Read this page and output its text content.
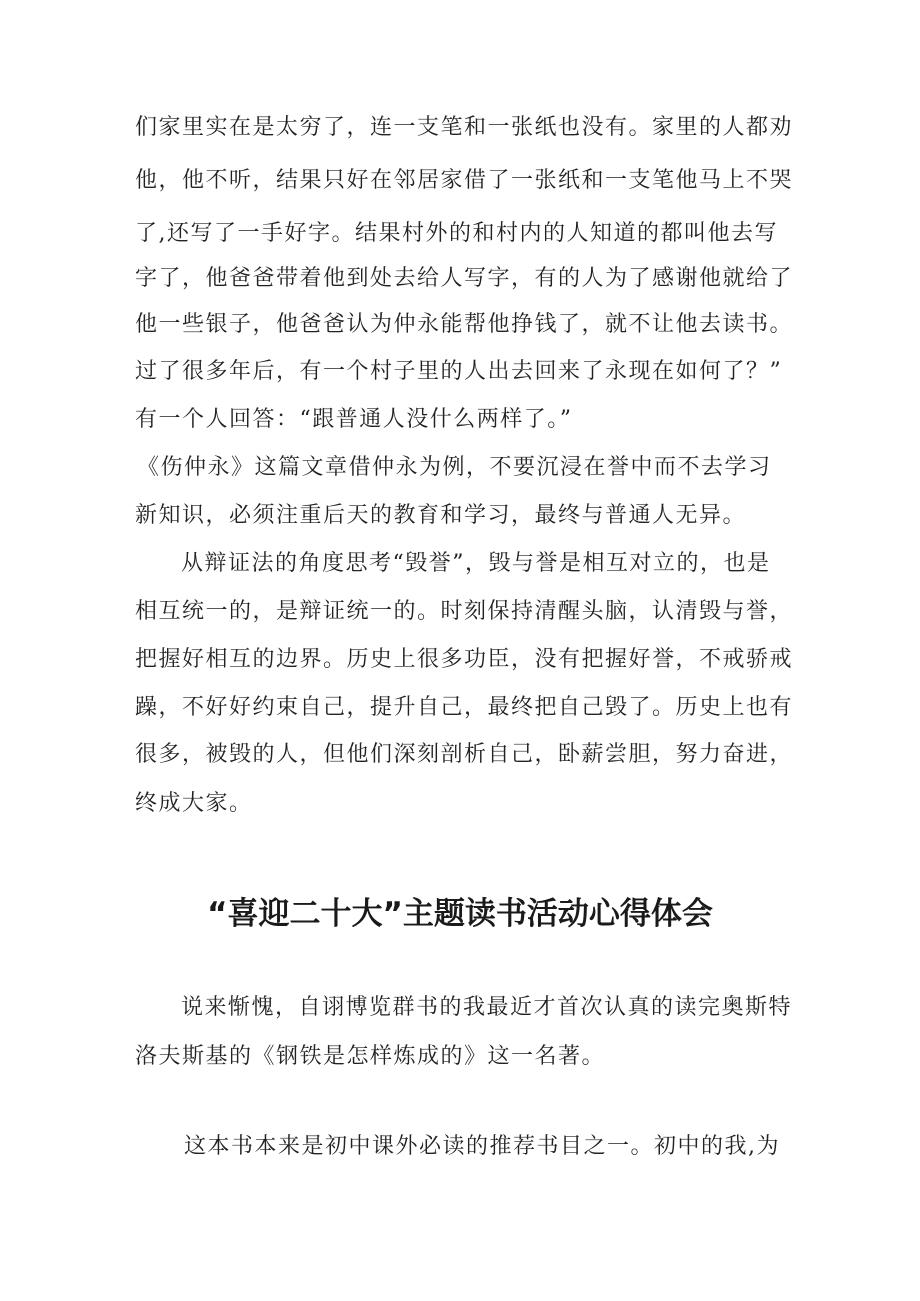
们家里实在是太穷了，连一支笔和一张纸也没有。家里的人都劝
他，他不听，结果只好在邻居家借了一张纸和一支笔他马上不哭
了,还写了一手好字。结果村外的和村内的人知道的都叫他去写
字了，他爸爸带着他到处去给人写字，有的人为了感谢他就给了
他一些银子，他爸爸认为仲永能帮他挣钱了，就不让他去读书。
过了很多年后，有一个村子里的人出去回来了永现在如何了？”
有一个人回答：“跟普通人没什么两样了。”
《伤仲永》这篇文章借仲永为例，不要沉浸在誉中而不去学习
新知识，必须注重后天的教育和学习，最终与普通人无异。
从辩证法的角度思考“毁誉”，毁与誉是相互对立的，也是
相互统一的，是辩证统一的。时刻保持清醒头脑，认清毁与誉，
把握好相互的边界。历史上很多功臣，没有把握好誉，不戒骄戒
躁，不好好约束自己，提升自己，最终把自己毁了。历史上也有
很多，被毁的人，但他们深刻剖析自己，卧薪尝胆，努力奋进，
终成大家。
“喜迎二十大”主题读书活动心得体会
说来惭愧，自诩博览群书的我最近才首次认真的读完奥斯特
洛夫斯基的《钢铁是怎样炼成的》这一名著。
这本书本来是初中课外必读的推荐书目之一。初中的我,为
